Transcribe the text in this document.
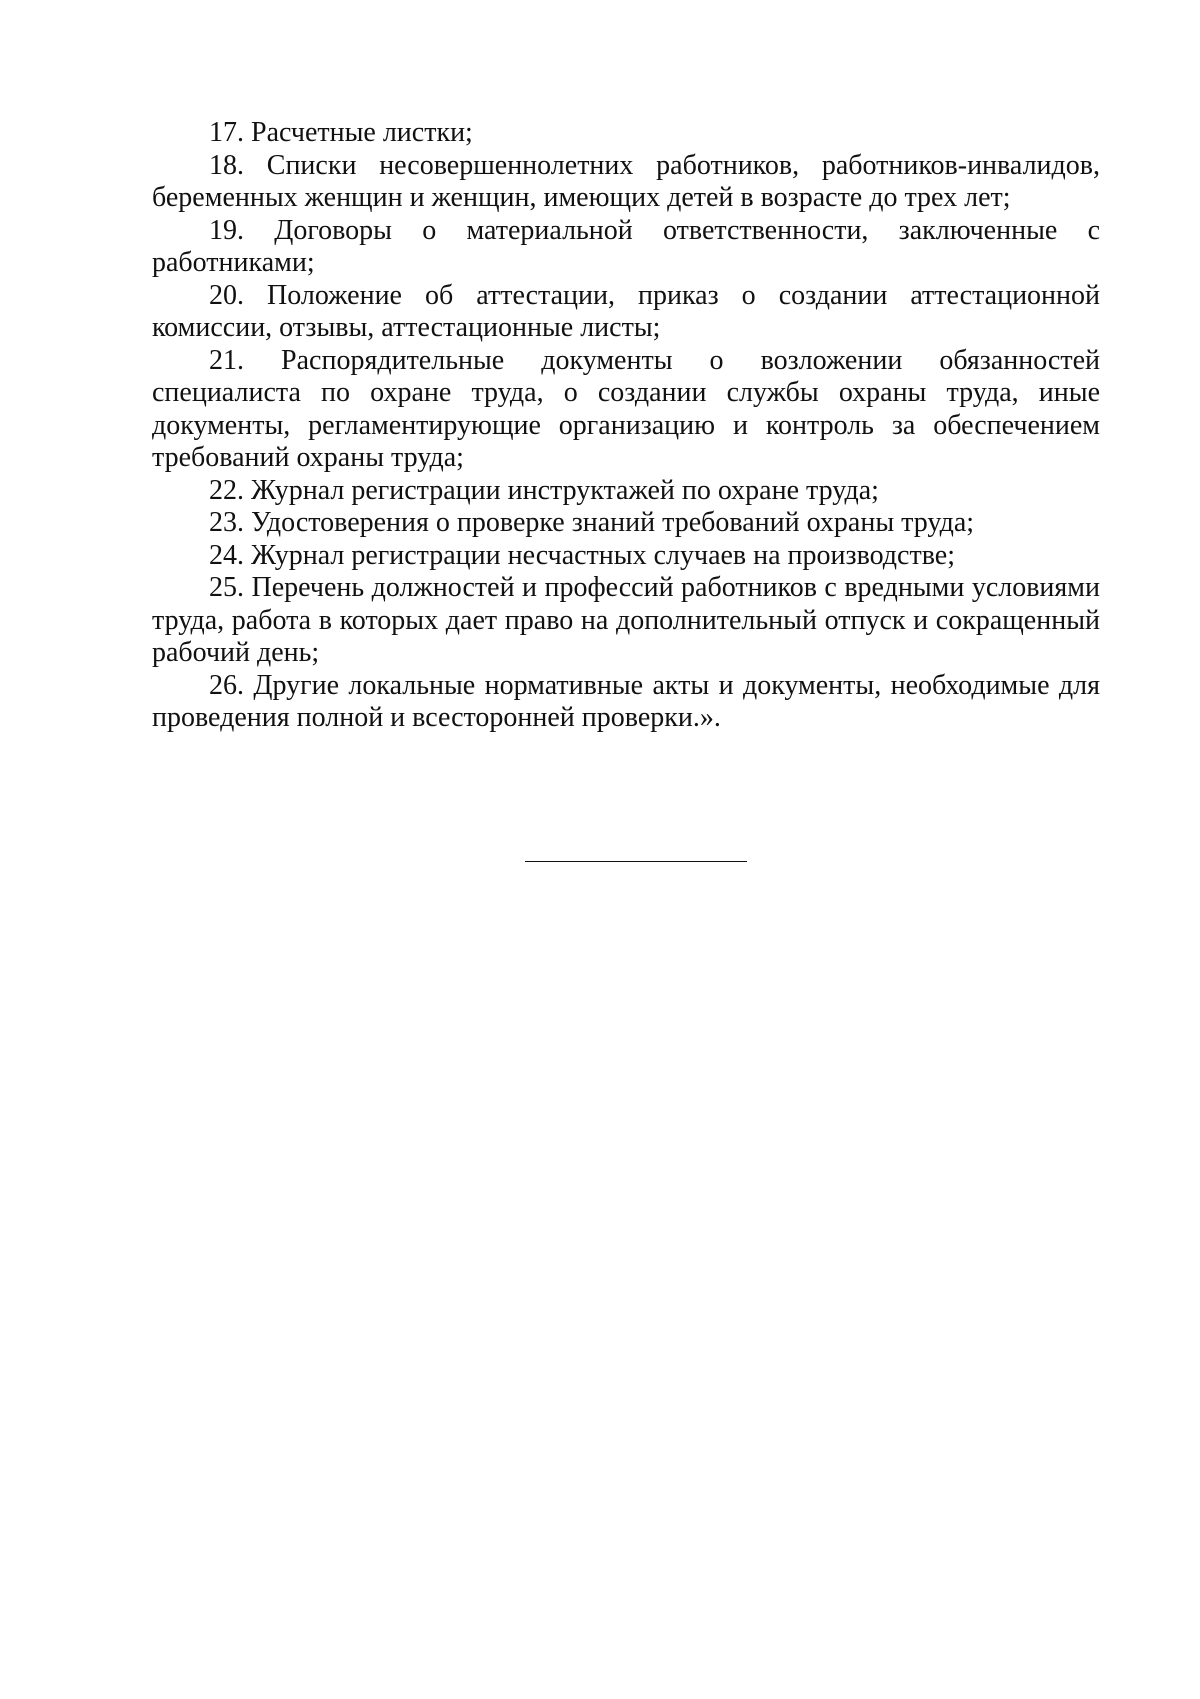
17. Расчетные листки;

18. Списки несовершеннолетних работников, работников-инвалидов, беременных женщин и женщин, имеющих детей в возрасте до трех лет;

19. Договоры о материальной ответственности, заключенные с работниками;

20. Положение об аттестации, приказ о создании аттестационной комиссии, отзывы, аттестационные листы;

21. Распорядительные документы о возложении обязанностей специалиста по охране труда, о создании службы охраны труда, иные документы, регламентирующие организацию и контроль за обеспечением требований охраны труда;

22. Журнал регистрации инструктажей по охране труда;

23. Удостоверения о проверке знаний требований охраны труда;

24. Журнал регистрации несчастных случаев на производстве;

25. Перечень должностей и профессий работников с вредными условиями труда, работа в которых дает право на дополнительный отпуск и сокращенный рабочий день;

26. Другие локальные нормативные акты и документы, необходимые для проведения полной и всесторонней проверки.».
